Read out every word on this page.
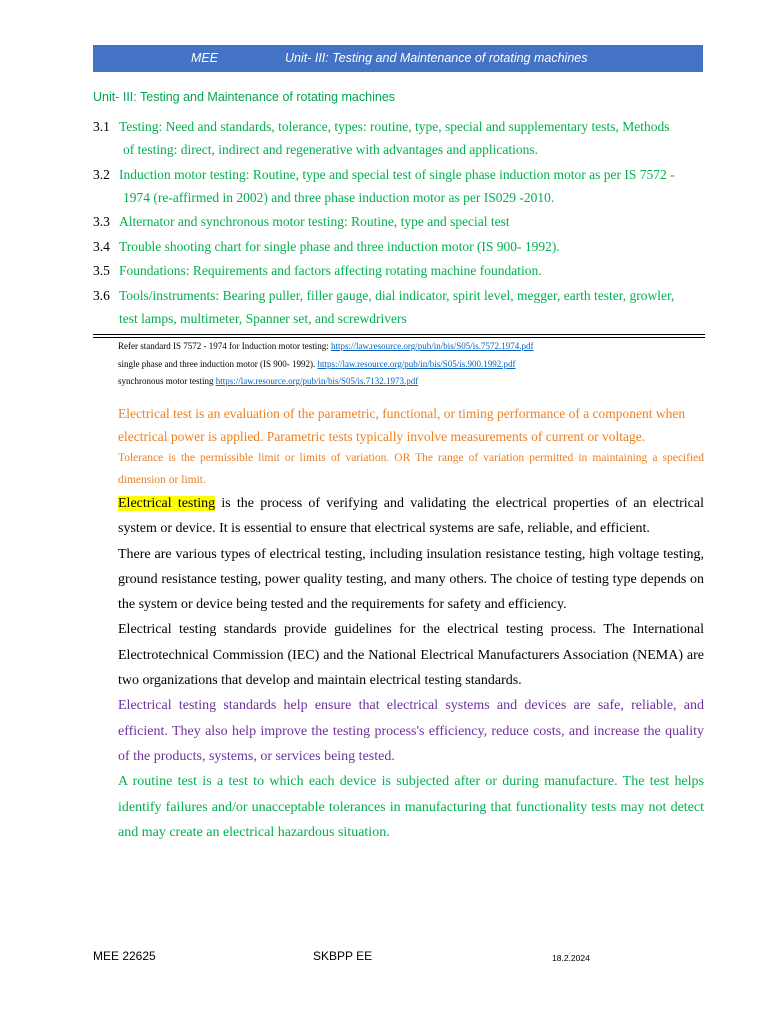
MEE	Unit- III: Testing and Maintenance of rotating machines
Unit- III: Testing and Maintenance of rotating machines
3.1 Testing: Need and standards, tolerance, types: routine, type, special and supplementary tests, Methods
of testing: direct, indirect and regenerative with advantages and applications.
3.2 Induction motor testing: Routine, type and special test of single phase induction motor as per IS 7572 -
1974 (re-affirmed in 2002) and three phase induction motor as per IS029 -2010.
3.3 Alternator and synchronous motor testing: Routine, type and special test
3.4 Trouble shooting chart for single phase and three induction motor (IS 900- 1992).
3.5 Foundations: Requirements and factors affecting rotating machine foundation.
3.6 Tools/instruments: Bearing puller, filler gauge, dial indicator, spirit level, megger, earth tester, growler,
test lamps, multimeter, Spanner set, and screwdrivers
Refer standard IS 7572 - 1974 for Induction motor testing: https://law.resource.org/pub/in/bis/S05/is.7572.1974.pdf
single phase and three induction motor (IS 900- 1992). https://law.resource.org/pub/in/bis/S05/is.900.1992.pdf
synchronous motor testing https://law.resource.org/pub/in/bis/S05/is.7132.1973.pdf

Electrical test is an evaluation of the parametric, functional, or timing performance of a component when electrical power is applied. Parametric tests typically involve measurements of current or voltage.

Tolerance is the permissible limit or limits of variation. OR The range of variation permitted in maintaining a specified dimension or limit.

Electrical testing is the process of verifying and validating the electrical properties of an electrical system or device. It is essential to ensure that electrical systems are safe, reliable, and efficient.

There are various types of electrical testing, including insulation resistance testing, high voltage testing, ground resistance testing, power quality testing, and many others. The choice of testing type depends on the system or device being tested and the requirements for safety and efficiency.

Electrical testing standards provide guidelines for the electrical testing process. The International Electrotechnical Commission (IEC) and the National Electrical Manufacturers Association (NEMA) are two organizations that develop and maintain electrical testing standards.

Electrical testing standards help ensure that electrical systems and devices are safe, reliable, and efficient. They also help improve the testing process's efficiency, reduce costs, and increase the quality of the products, systems, or services being tested.

A routine test is a test to which each device is subjected after or during manufacture. The test helps identify failures and/or unacceptable tolerances in manufacturing that functionality tests may not detect and may create an electrical hazardous situation.

MEE 22625	SKBPP EE	18.2.2024
